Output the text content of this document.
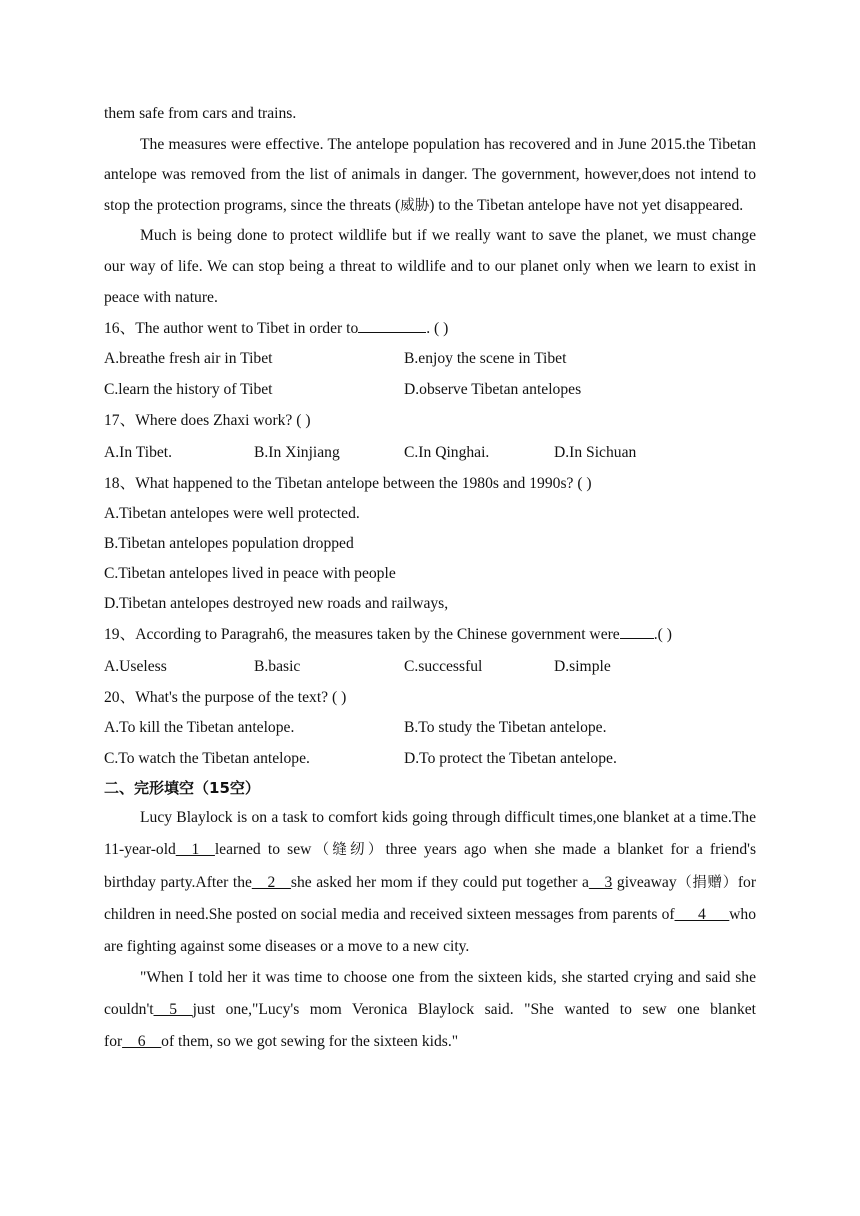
them safe from cars and trains.

The measures were effective. The antelope population has recovered and in June 2015.the Tibetan antelope was removed from the list of animals in danger. The government, however,does not intend to stop the protection programs, since the threats (威胁) to the Tibetan antelope have not yet disappeared.

Much is being done to protect wildlife but if we really want to save the planet, we must change our way of life. We can stop being a threat to wildlife and to our planet only when we learn to exist in peace with nature.

16、The author went to Tibet in order to	. ( )
A.breathe fresh air in Tibet	B.enjoy the scene in Tibet
C.learn the history of Tibet	D.observe Tibetan antelopes
17、Where does Zhaxi work? ( )
A.In Tibet.	B.In Xinjiang	C.In Qinghai.	D.In Sichuan
18、What happened to the Tibetan antelope between the 1980s and 1990s? ( )
A.Tibetan antelopes were well protected.
B.Tibetan antelopes population dropped
C.Tibetan antelopes lived in peace with people
D.Tibetan antelopes destroyed new roads and railways,
19、According to Paragrah6, the measures taken by the Chinese government were .( )
A.Useless	B.basic	C.successful	D.simple
20、What's the purpose of the text? ( )
A.To kill the Tibetan antelope.	B.To study the Tibetan antelope.
C.To watch the Tibetan antelope.	D.To protect the Tibetan antelope.
二、完形填空（15空）

Lucy Blaylock is on a task to comfort kids going through difficult times,one blanket at a time.The 11-year-old__1__learned to sew（缝纫）three years ago when she made a blanket for a friend's birthday party.After the__2__she asked her mom if they could put together a__3 giveaway（捐赠）for children in need.She posted on social media and received sixteen messages from parents of___4___who are fighting against some diseases or a move to a new city.

"When I told her it was time to choose one from the sixteen kids, she started crying and said she couldn't__5__just one,"Lucy's mom Veronica Blaylock said. "She wanted to sew one blanket for__6__of them, so we got sewing for the sixteen kids."
